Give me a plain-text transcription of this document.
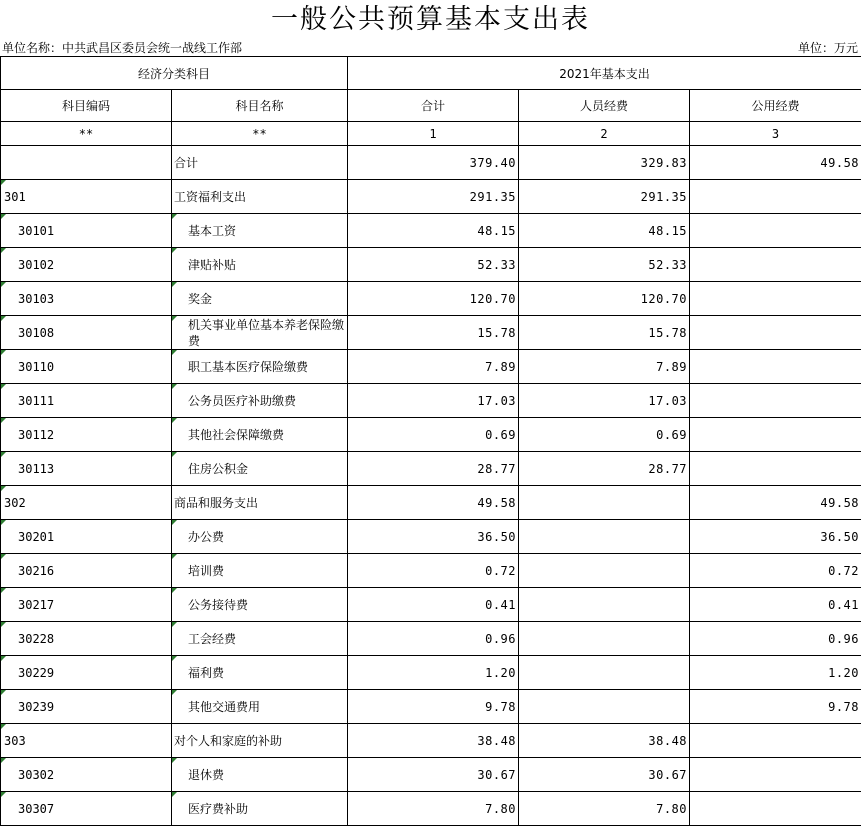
一般公共预算基本支出表
单位名称：中共武昌区委员会统一战线工作部	单位：万元
经济分类科目		2021年基本支出		
科目编码	科目名称	合计	人员经费	公用经费
**	**	1	2	3
	合计	379.40	329.83	49.58
301	工资福利支出	291.35	291.35	
30101	基本工资	48.15	48.15	
30102	津贴补贴	52.33	52.33	
30103	奖金	120.70	120.70	
30108	机关事业单位基本养老保险缴费	15.78	15.78	
30110	职工基本医疗保险缴费	7.89	7.89	
30111	公务员医疗补助缴费	17.03	17.03	
30112	其他社会保障缴费	0.69	0.69	
30113	住房公积金	28.77	28.77	
302	商品和服务支出	49.58		49.58
30201	办公费	36.50		36.50
30216	培训费	0.72		0.72
30217	公务接待费	0.41		0.41
30228	工会经费	0.96		0.96
30229	福利费	1.20		1.20
30239	其他交通费用	9.78		9.78
303	对个人和家庭的补助	38.48	38.48	
30302	退休费	30.67	30.67	
30307	医疗费补助	7.80	7.80	
